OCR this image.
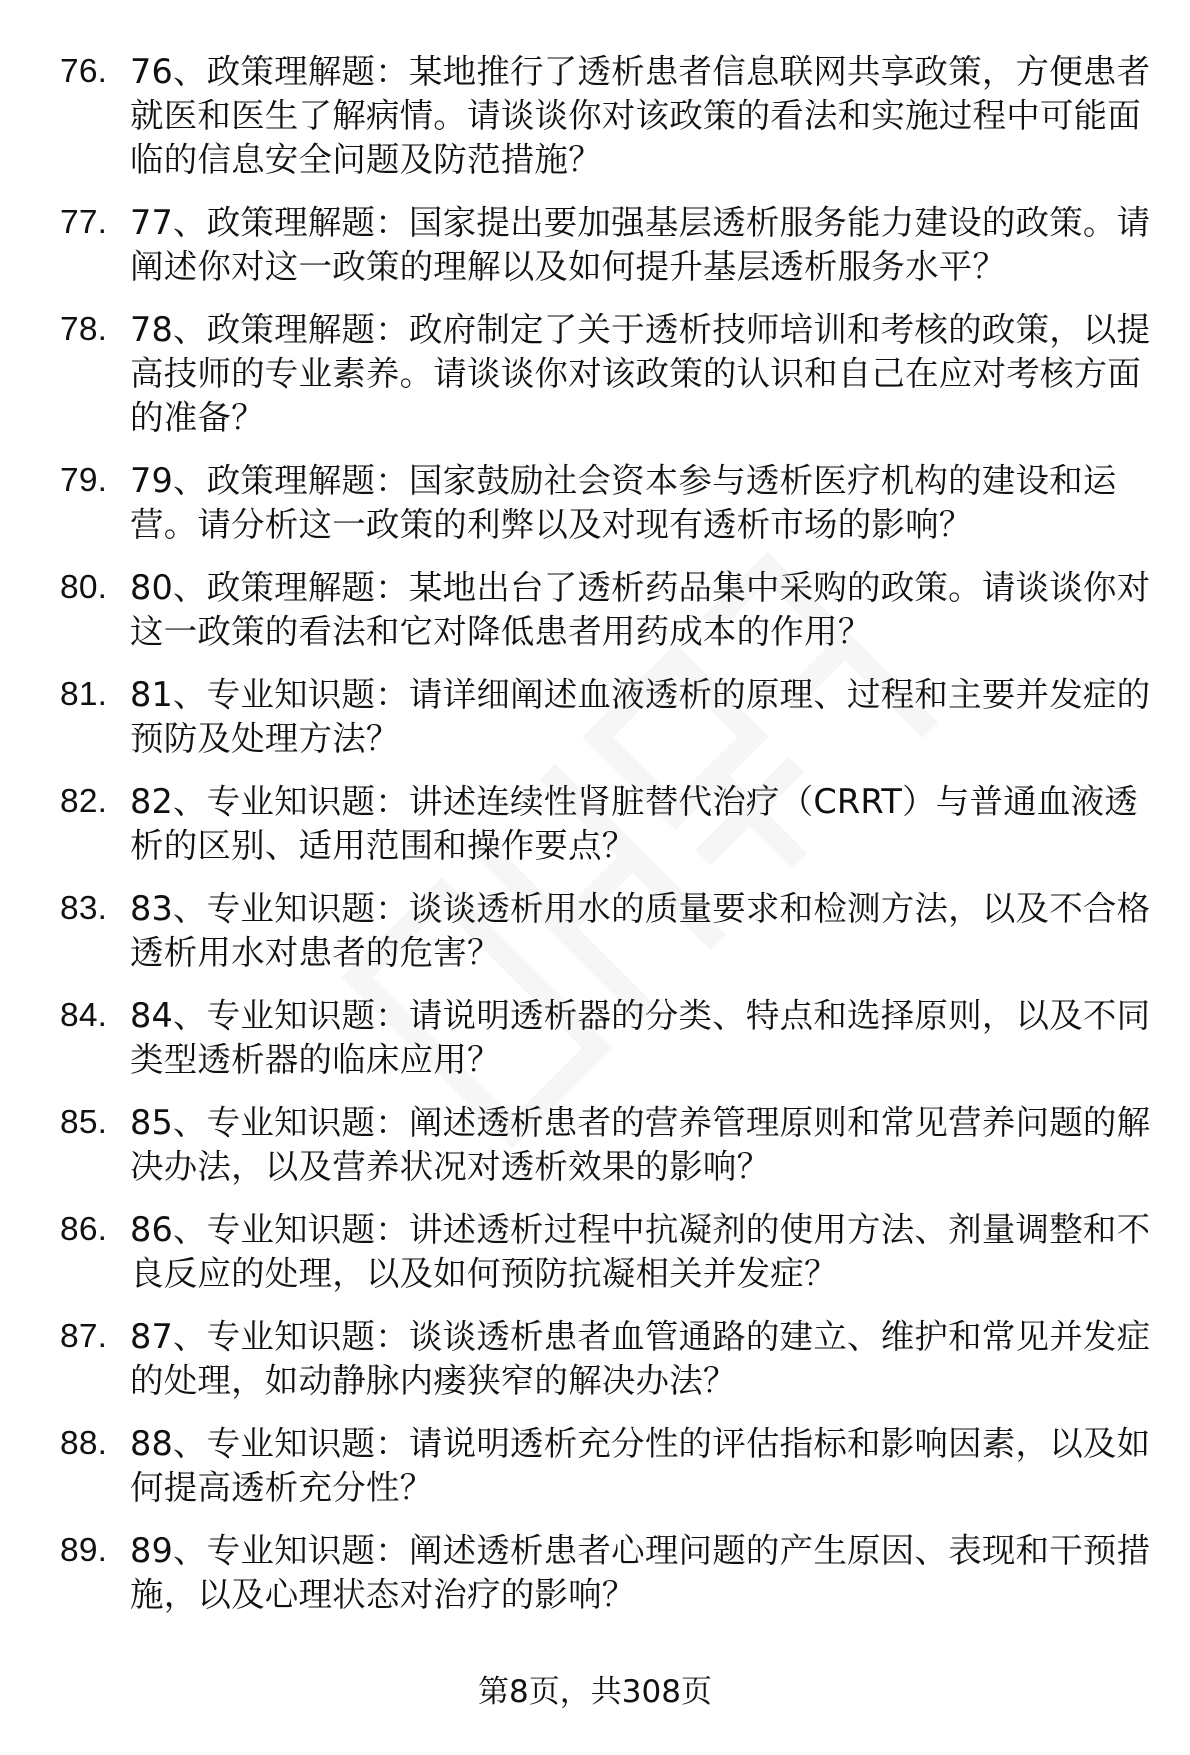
76. 76、政策理解题：某地推行了透析患者信息联网共享政策，方便患者就医和医生了解病情。请谈谈你对该政策的看法和实施过程中可能面临的信息安全问题及防范措施？
77. 77、政策理解题：国家提出要加强基层透析服务能力建设的政策。请阐述你对这一政策的理解以及如何提升基层透析服务水平？
78. 78、政策理解题：政府制定了关于透析技师培训和考核的政策，以提高技师的专业素养。请谈谈你对该政策的认识和自己在应对考核方面的准备？
79. 79、政策理解题：国家鼓励社会资本参与透析医疗机构的建设和运营。请分析这一政策的利弊以及对现有透析市场的影响？
80. 80、政策理解题：某地出台了透析药品集中采购的政策。请谈谈你对这一政策的看法和它对降低患者用药成本的作用？
81. 81、专业知识题：请详细阐述血液透析的原理、过程和主要并发症的预防及处理方法？
82. 82、专业知识题：讲述连续性肾脏替代治疗（CRRT）与普通血液透析的区别、适用范围和操作要点？
83. 83、专业知识题：谈谈透析用水的质量要求和检测方法，以及不合格透析用水对患者的危害？
84. 84、专业知识题：请说明透析器的分类、特点和选择原则，以及不同类型透析器的临床应用？
85. 85、专业知识题：阐述透析患者的营养管理原则和常见营养问题的解决办法，以及营养状况对透析效果的影响？
86. 86、专业知识题：讲述透析过程中抗凝剂的使用方法、剂量调整和不良反应的处理，以及如何预防抗凝相关并发症？
87. 87、专业知识题：谈谈透析患者血管通路的建立、维护和常见并发症的处理，如动静脉内瘘狭窄的解决办法？
88. 88、专业知识题：请说明透析充分性的评估指标和影响因素，以及如何提高透析充分性？
89. 89、专业知识题：阐述透析患者心理问题的产生原因、表现和干预措施，以及心理状态对治疗的影响？
第8页，共308页
